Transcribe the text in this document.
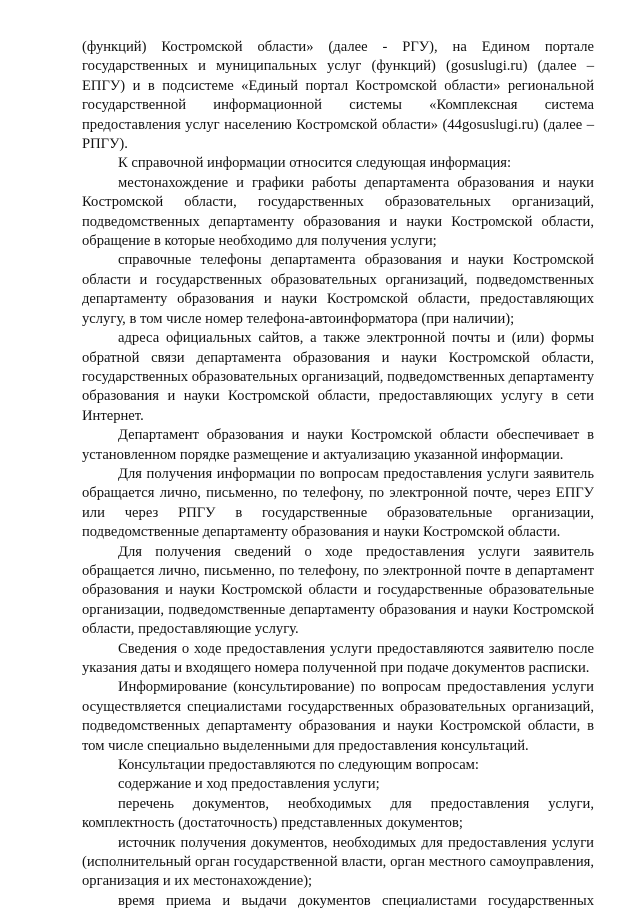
(функций) Костромской области» (далее - РГУ), на Едином портале государственных и муниципальных услуг (функций) (gosuslugi.ru) (далее – ЕПГУ) и в подсистеме «Единый портал Костромской области» региональной государственной информационной системы «Комплексная система предоставления услуг населению Костромской области» (44gosuslugi.ru) (далее – РПГУ).

К справочной информации относится следующая информация:

местонахождение и графики работы департамента образования и науки Костромской области, государственных образовательных организаций, подведомственных департаменту образования и науки Костромской области, обращение в которые необходимо для получения услуги;

справочные телефоны департамента образования и науки Костромской области и государственных образовательных организаций, подведомственных департаменту образования и науки Костромской области, предоставляющих услугу, в том числе номер телефона-автоинформатора (при наличии);

адреса официальных сайтов, а также электронной почты и (или) формы обратной связи департамента образования и науки Костромской области, государственных образовательных организаций, подведомственных департаменту образования и науки Костромской области, предоставляющих услугу в сети Интернет.

Департамент образования и науки Костромской области обеспечивает в установленном порядке размещение и актуализацию указанной информации.

Для получения информации по вопросам предоставления услуги заявитель обращается лично, письменно, по телефону, по электронной почте, через ЕПГУ или через РПГУ в государственные образовательные организации, подведомственные департаменту образования и науки Костромской области.

Для получения сведений о ходе предоставления услуги заявитель обращается лично, письменно, по телефону, по электронной почте в департамент образования и науки Костромской области и государственные образовательные организации, подведомственные департаменту образования и науки Костромской области, предоставляющие услугу.

Сведения о ходе предоставления услуги предоставляются заявителю после указания даты и входящего номера полученной при подаче документов расписки.

Информирование (консультирование) по вопросам предоставления услуги осуществляется специалистами государственных образовательных организаций, подведомственных департаменту образования и науки Костромской области, в том числе специально выделенными для предоставления консультаций.

Консультации предоставляются по следующим вопросам:

содержание и ход предоставления услуги;

перечень документов, необходимых для предоставления услуги, комплектность (достаточность) представленных документов;

источник получения документов, необходимых для предоставления услуги (исполнительный орган государственной власти, орган местного самоуправления, организация и их местонахождение);

время приема и выдачи документов специалистами государственных
